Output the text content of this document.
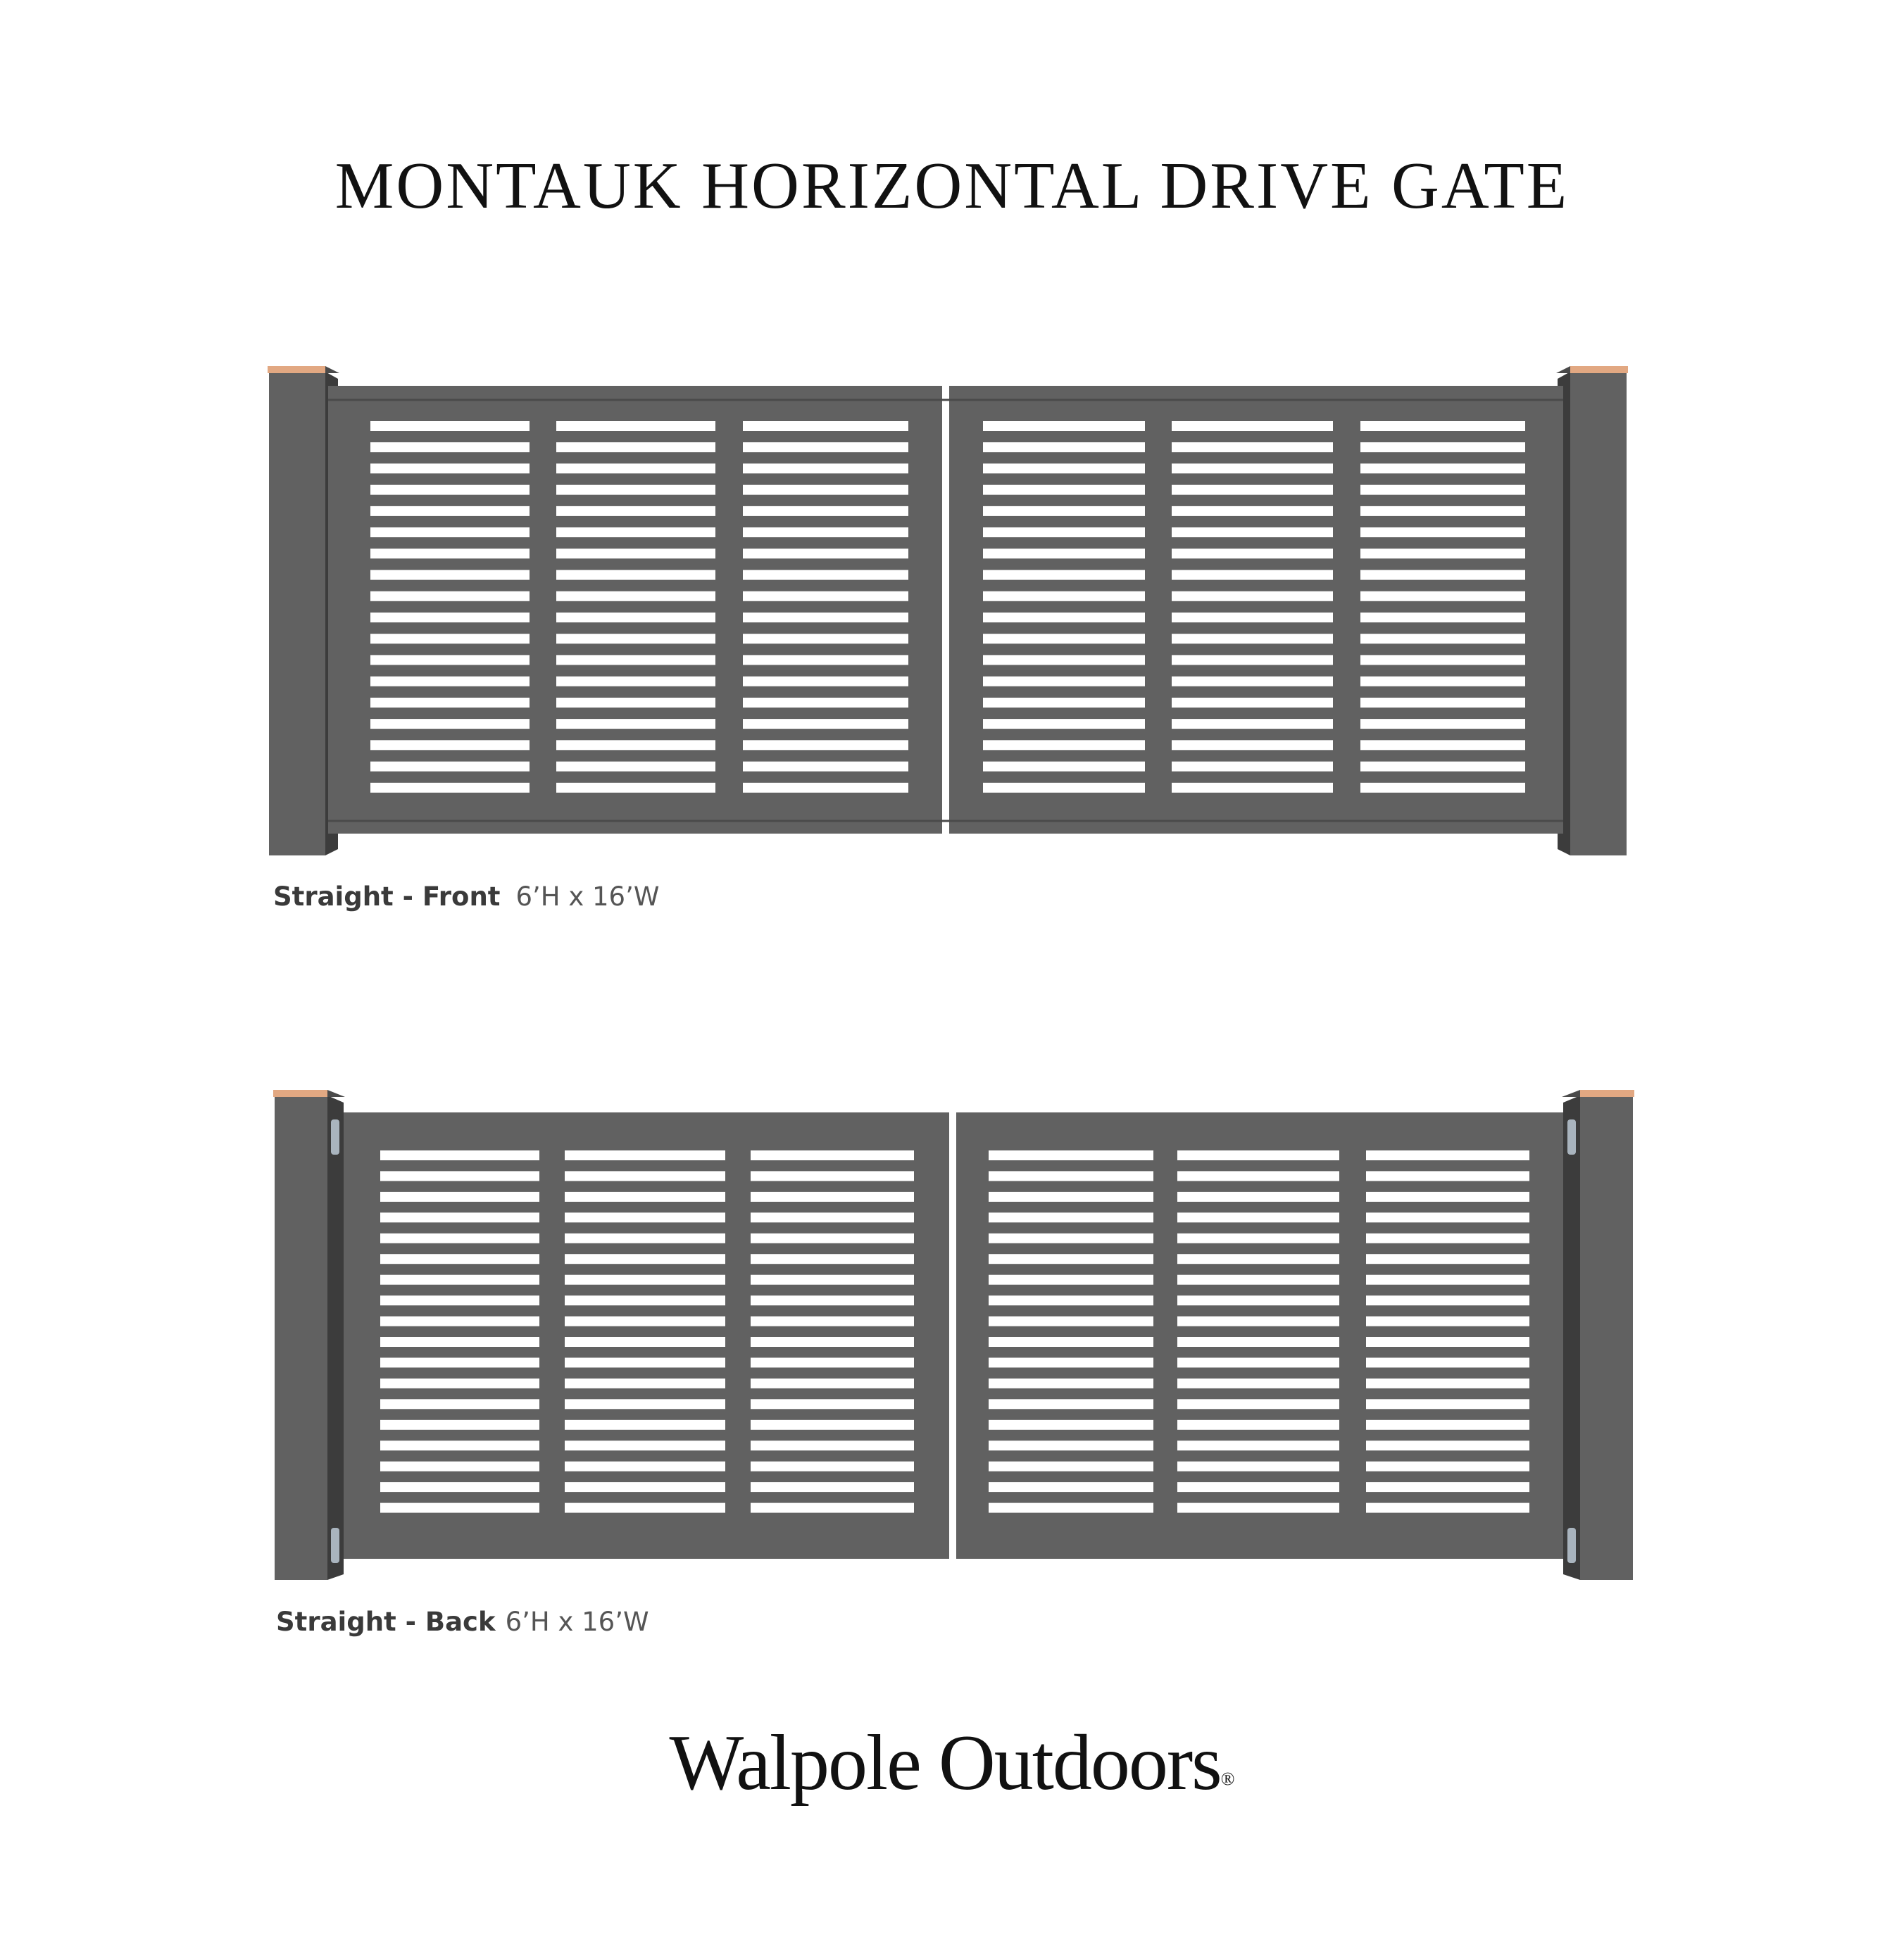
MONTAUK HORIZONTAL DRIVE GATE
Straight - Front 6’H x 16’W
Straight - Back 6’H x 16’W
Walpole Outdoors®
